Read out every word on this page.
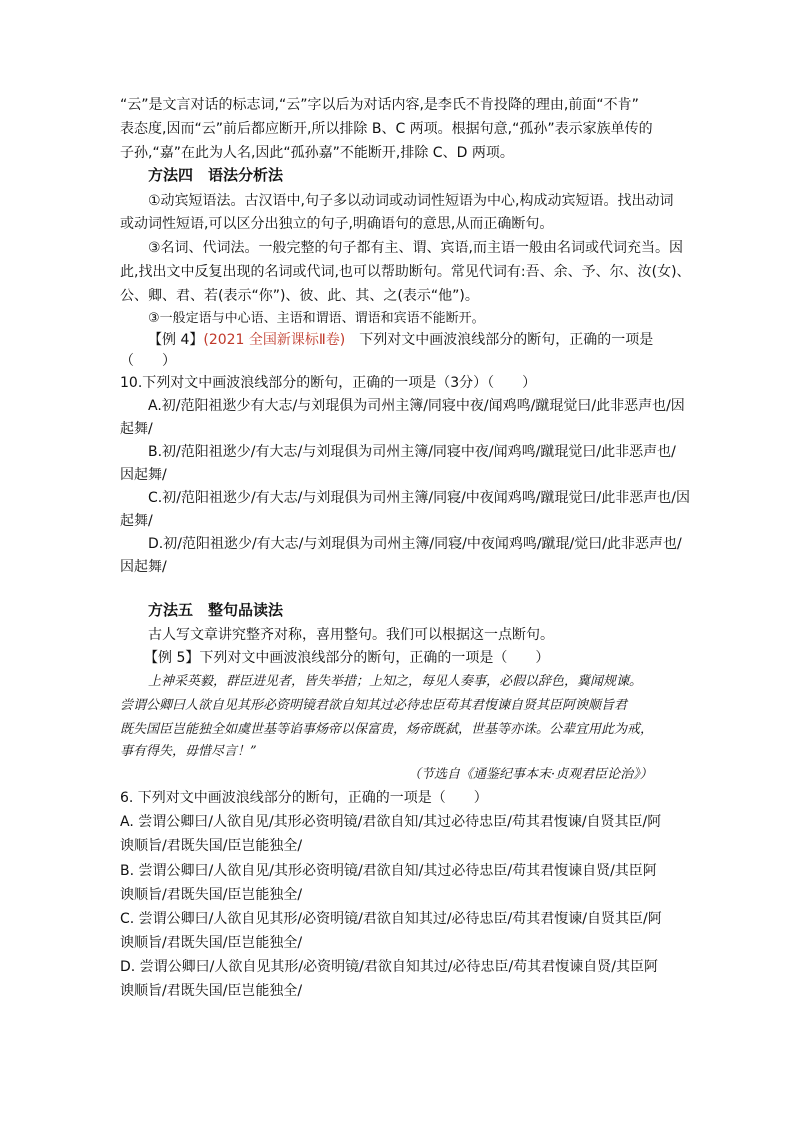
“云”是文言对话的标志词,“云”字以后为对话内容,是李氏不肯投降的理由,前面“不肯”
表态度,因而“云”前后都应断开,所以排除 B、C 两项。根据句意,“孤孙”表示家族单传的
子孙,“嘉”在此为人名,因此“孤孙嘉”不能断开,排除 C、D 两项。
方法四　语法分析法
①动宾短语法。古汉语中,句子多以动词或动词性短语为中心,构成动宾短语。找出动词
或动词性短语,可以区分出独立的句子,明确语句的意思,从而正确断句。
③名词、代词法。一般完整的句子都有主、谓、宾语,而主语一般由名词或代词充当。因
此,找出文中反复出现的名词或代词,也可以帮助断句。常见代词有:吾、余、予、尔、汝(女)、
公、卿、君、若(表示“你”)、彼、此、其、之(表示“他”)。
③一般定语与中心语、主语和谓语、谓语和宾语不能断开。
【例 4】(2021 全国新课标Ⅱ卷)　下列对文中画波浪线部分的断句，正确的一项是
（　　）
10.下列对文中画波浪线部分的断句，正确的一项是（3分）（　　）
A.初/范阳祖逖少有大志/与刘琨俱为司州主簿/同寝中夜/闻鸡鸣/蹴琨觉曰/此非恶声也/因
起舞/
B.初/范阳祖逖少/有大志/与刘琨俱为司州主簿/同寝中夜/闻鸡鸣/蹴琨觉曰/此非恶声也/
因起舞/
C.初/范阳祖逖少/有大志/与刘琨俱为司州主簿/同寝/中夜闻鸡鸣/蹴琨觉曰/此非恶声也/因
起舞/
D.初/范阳祖逖少/有大志/与刘琨俱为司州主簿/同寝/中夜闻鸡鸣/蹴琨/觉曰/此非恶声也/
因起舞/
方法五　整句品读法
古人写文章讲究整齐对称，喜用整句。我们可以根据这一点断句。
【例 5】下列对文中画波浪线部分的断句，正确的一项是（　　）
上神采英毅，群臣进见者，皆失举措；上知之，每见人奏事，必假以辞色，冀闻规谏。
尝谓公卿曰人欲自见其形必资明镜君欲自知其过必待忠臣苟其君愎谏自贤其臣阿谀顺旨君
既失国臣岂能独全如虞世基等谄事炀帝以保富贵，炀帝既弑，世基等亦诛。公辈宜用此为戒，
事有得失，毋惜尽言！”
（节选自《通鉴纪事本末·贞观君臣论治》）
6. 下列对文中画波浪线部分的断句，正确的一项是（　　）
A. 尝谓公卿曰/人欲自见/其形必资明镜/君欲自知/其过必待忠臣/苟其君愎谏/自贤其臣/阿
谀顺旨/君既失国/臣岂能独全/
B. 尝谓公卿曰/人欲自见/其形必资明镜/君欲自知/其过必待忠臣/苟其君愎谏自贤/其臣阿
谀顺旨/君既失国/臣岂能独全/
C. 尝谓公卿曰/人欲自见其形/必资明镜/君欲自知其过/必待忠臣/苟其君愎谏/自贤其臣/阿
谀顺旨/君既失国/臣岂能独全/
D. 尝谓公卿曰/人欲自见其形/必资明镜/君欲自知其过/必待忠臣/苟其君愎谏自贤/其臣阿
谀顺旨/君既失国/臣岂能独全/
